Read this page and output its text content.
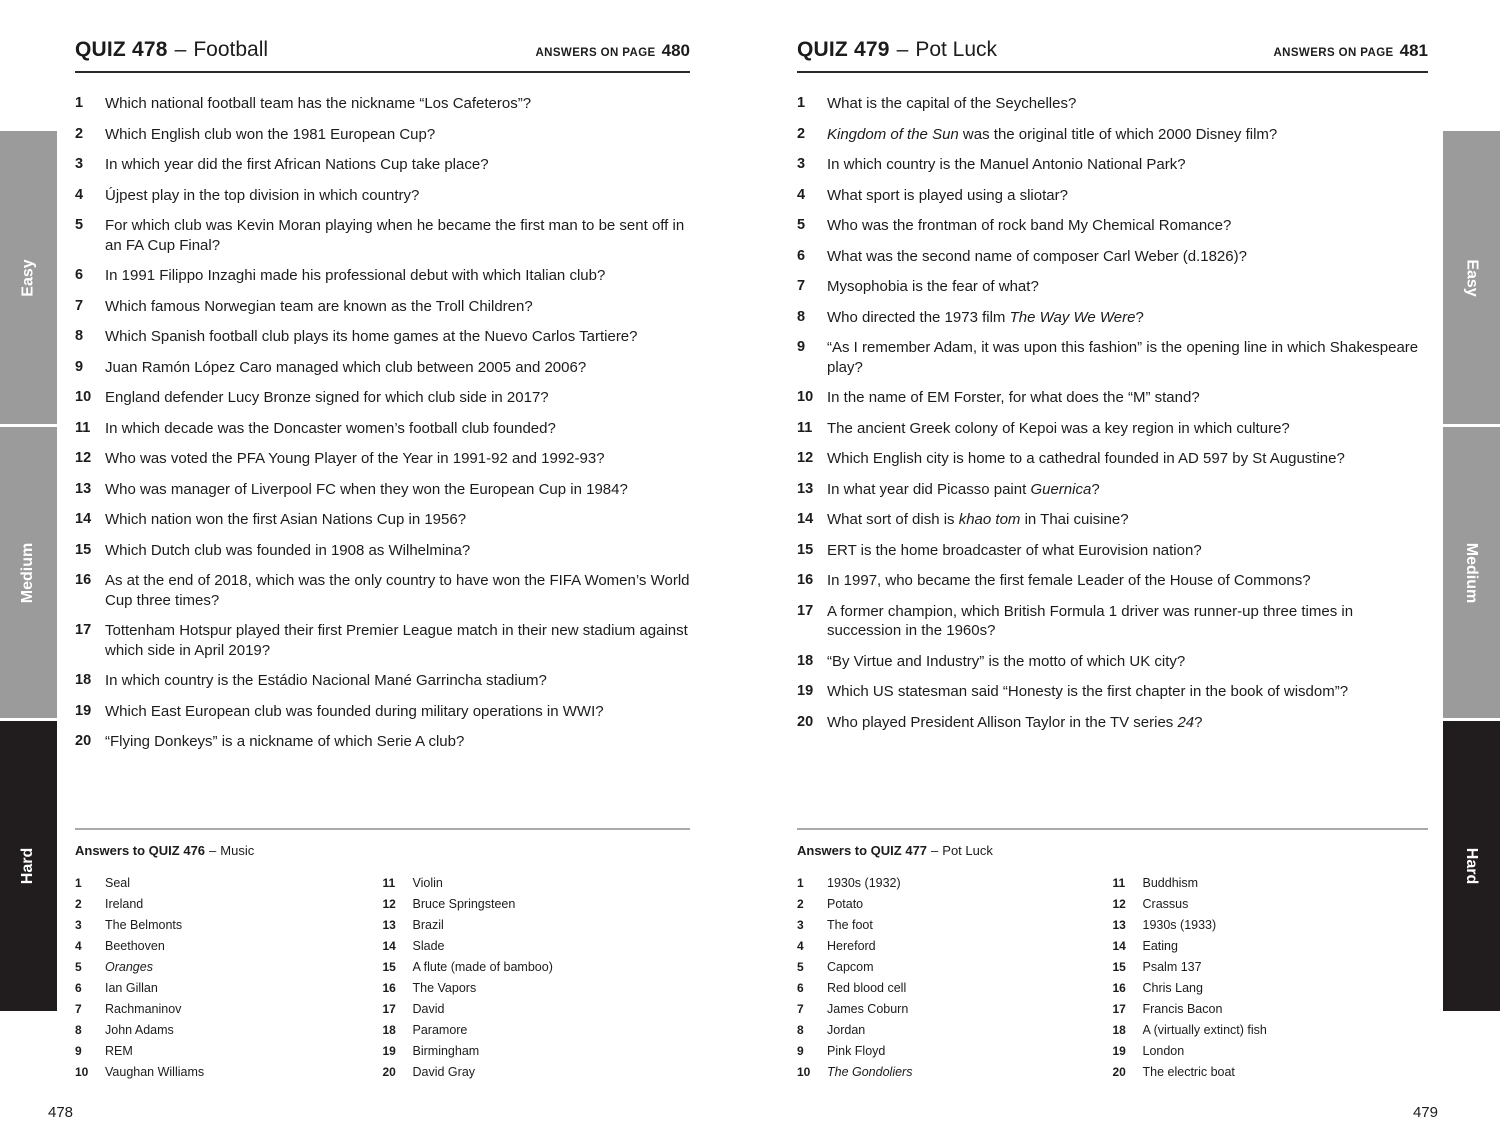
QUIZ 478 – Football	ANSWERS ON PAGE 480
1	Which national football team has the nickname “Los Cafeteros”?
2	Which English club won the 1981 European Cup?
3	In which year did the first African Nations Cup take place?
4	Újpest play in the top division in which country?
5	For which club was Kevin Moran playing when he became the first man to be sent off in an FA Cup Final?
6	In 1991 Filippo Inzaghi made his professional debut with which Italian club?
7	Which famous Norwegian team are known as the Troll Children?
8	Which Spanish football club plays its home games at the Nuevo Carlos Tartiere?
9	Juan Ramón López Caro managed which club between 2005 and 2006?
10 England defender Lucy Bronze signed for which club side in 2017?
11 In which decade was the Doncaster women’s football club founded?
12 Who was voted the PFA Young Player of the Year in 1991-92 and 1992-93?
13 Who was manager of Liverpool FC when they won the European Cup in 1984?
14 Which nation won the first Asian Nations Cup in 1956?
15 Which Dutch club was founded in 1908 as Wilhelmina?
16 As at the end of 2018, which was the only country to have won the FIFA Women’s World Cup three times?
17 Tottenham Hotspur played their first Premier League match in their new stadium against which side in April 2019?
18 In which country is the Estádio Nacional Mané Garrincha stadium?
19 Which East European club was founded during military operations in WWI?
20 “Flying Donkeys” is a nickname of which Serie A club?
Answers to QUIZ 476 – Music
1	Seal
2	Ireland
3	The Belmonts
4	Beethoven
5	Oranges
6	Ian Gillan
7	Rachmaninov
8	John Adams
9	REM
10	Vaughan Williams
11	Violin
12	Bruce Springsteen
13	Brazil
14	Slade
15	A flute (made of bamboo)
16	The Vapors
17	David
18	Paramore
19	Birmingham
20	David Gray
478
QUIZ 479 – Pot Luck	ANSWERS ON PAGE 481
1	What is the capital of the Seychelles?
2	Kingdom of the Sun was the original title of which 2000 Disney film?
3	In which country is the Manuel Antonio National Park?
4	What sport is played using a sliotar?
5	Who was the frontman of rock band My Chemical Romance?
6	What was the second name of composer Carl Weber (d.1826)?
7	Mysophobia is the fear of what?
8	Who directed the 1973 film The Way We Were?
9	“As I remember Adam, it was upon this fashion” is the opening line in which Shakespeare play?
10 In the name of EM Forster, for what does the “M” stand?
11 The ancient Greek colony of Kepoi was a key region in which culture?
12 Which English city is home to a cathedral founded in AD 597 by St Augustine?
13 In what year did Picasso paint Guernica?
14 What sort of dish is khao tom in Thai cuisine?
15 ERT is the home broadcaster of what Eurovision nation?
16 In 1997, who became the first female Leader of the House of Commons?
17 A former champion, which British Formula 1 driver was runner-up three times in succession in the 1960s?
18 “By Virtue and Industry” is the motto of which UK city?
19 Which US statesman said “Honesty is the first chapter in the book of wisdom”?
20 Who played President Allison Taylor in the TV series 24?
Answers to QUIZ 477 – Pot Luck
1	1930s (1932)
2	Potato
3	The foot
4	Hereford
5	Capcom
6	Red blood cell
7	James Coburn
8	Jordan
9	Pink Floyd
10	The Gondoliers
11	Buddhism
12	Crassus
13	1930s (1933)
14	Eating
15	Psalm 137
16	Chris Lang
17	Francis Bacon
18	A (virtually extinct) fish
19	London
20	The electric boat
479
Easy
Medium
Hard
Easy
Medium
Hard
